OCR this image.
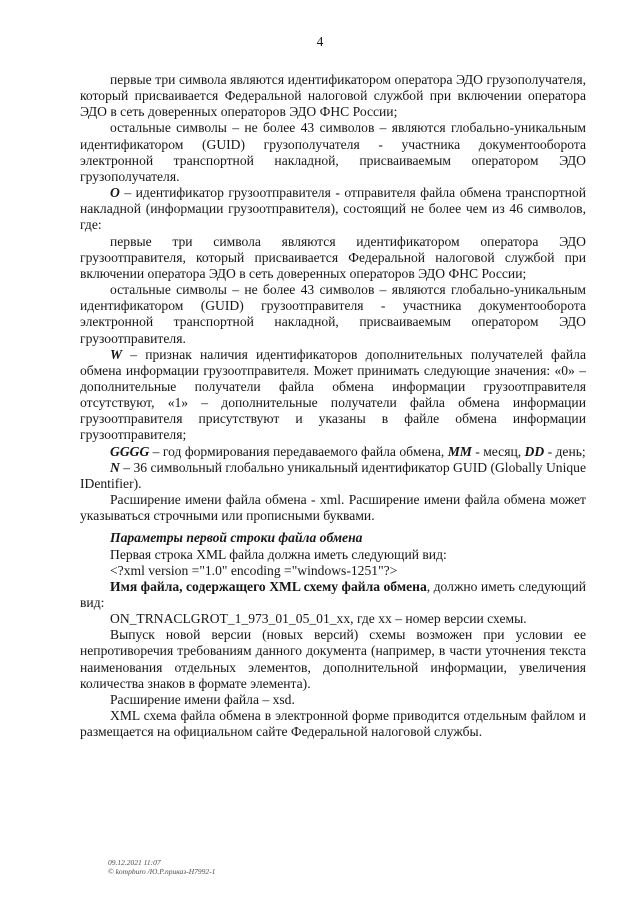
4

первые три символа являются идентификатором оператора ЭДО грузополучателя, который присваивается Федеральной налоговой службой при включении оператора ЭДО в сеть доверенных операторов ЭДО ФНС России;

остальные символы – не более 43 символов – являются глобально-уникальным идентификатором (GUID) грузополучателя - участника документооборота электронной транспортной накладной, присваиваемым оператором ЭДО грузополучателя.

О – идентификатор грузоотправителя - отправителя файла обмена транспортной накладной (информации грузоотправителя), состоящий не более чем из 46 символов, где:

первые три символа являются идентификатором оператора ЭДО грузоотправителя, который присваивается Федеральной налоговой службой при включении оператора ЭДО в сеть доверенных операторов ЭДО ФНС России;

остальные символы – не более 43 символов – являются глобально-уникальным идентификатором (GUID) грузоотправителя - участника документооборота электронной транспортной накладной, присваиваемым оператором ЭДО грузоотправителя.

W – признак наличия идентификаторов дополнительных получателей файла обмена информации грузоотправителя. Может принимать следующие значения: «0» – дополнительные получатели файла обмена информации грузоотправителя отсутствуют, «1» – дополнительные получатели файла обмена информации грузоотправителя присутствуют и указаны в файле обмена информации грузоотправителя;

GGGG – год формирования передаваемого файла обмена, MM - месяц, DD - день;

N – 36 символьный глобально уникальный идентификатор GUID (Globally Unique IDentifier).

Расширение имени файла обмена - xml. Расширение имени файла обмена может указываться строчными или прописными буквами.

Параметры первой строки файла обмена

Первая строка XML файла должна иметь следующий вид:

<?xml version ="1.0" encoding ="windows-1251"?>

Имя файла, содержащего XML схему файла обмена, должно иметь следующий вид:

ON_TRNACLGROT_1_973_01_05_01_xx, где хх – номер версии схемы.

Выпуск новой версии (новых версий) схемы возможен при условии ее непротиворечия требованиям данного документа (например, в части уточнения текста наименования отдельных элементов, дополнительной информации, увеличения количества знаков в формате элемента).

Расширение имени файла – xsd.

XML схема файла обмена в электронной форме приводится отдельным файлом и размещается на официальном сайте Федеральной налоговой службы.

09.12.2021 11:07
© kompburo /Ю.Р.приказ-Н7992-1
